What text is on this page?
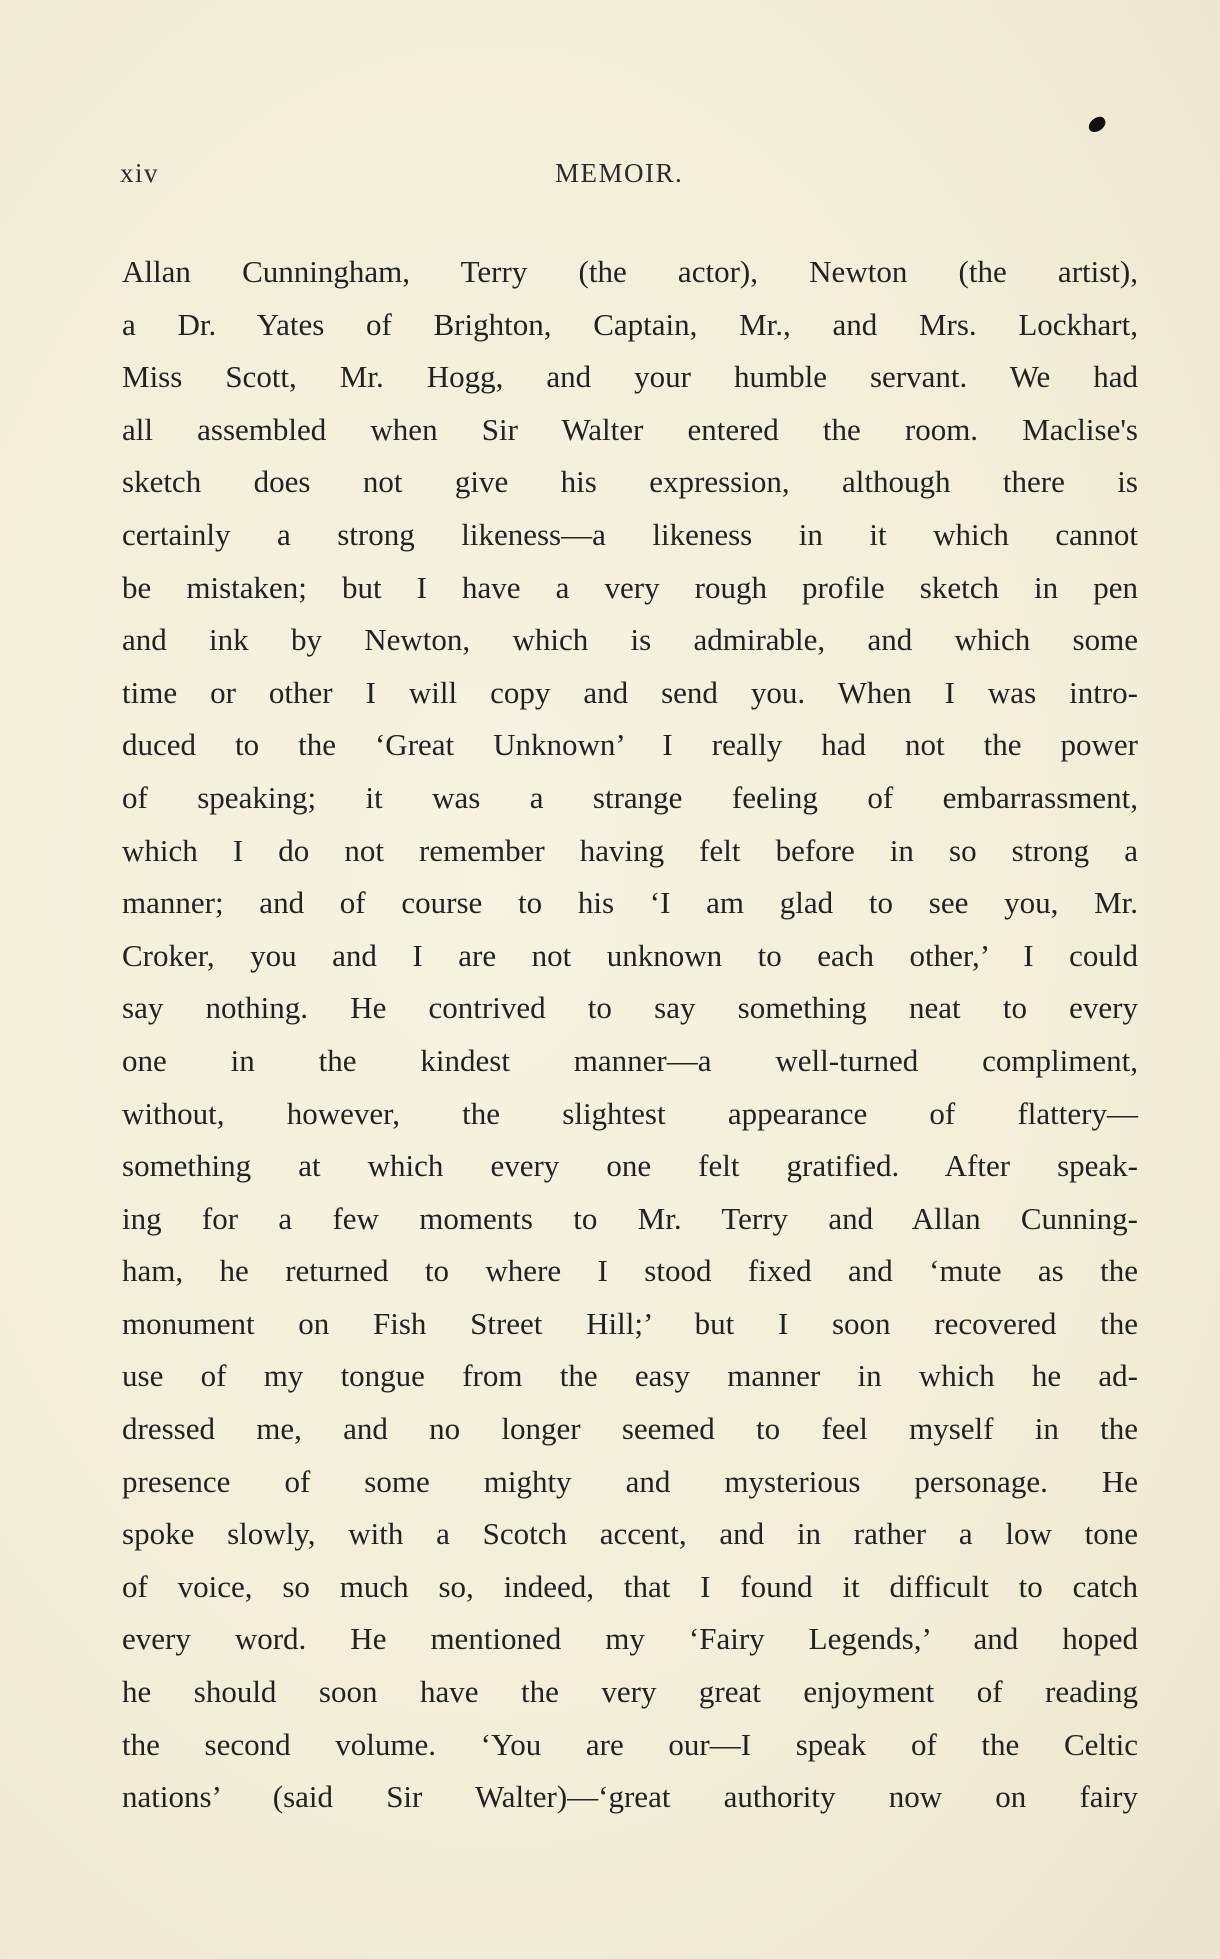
xiv	MEMOIR.
Allan Cunningham, Terry (the actor), Newton (the artist),
a Dr. Yates of Brighton, Captain, Mr., and Mrs. Lockhart,
Miss Scott, Mr. Hogg, and your humble servant. We had
all assembled when Sir Walter entered the room. Maclise's
sketch does not give his expression, although there is
certainly a strong likeness—a likeness in it which cannot
be mistaken; but I have a very rough profile sketch in pen
and ink by Newton, which is admirable, and which some
time or other I will copy and send you. When I was intro-
duced to the ‘Great Unknown’ I really had not the power
of speaking; it was a strange feeling of embarrassment,
which I do not remember having felt before in so strong a
manner; and of course to his ‘I am glad to see you, Mr.
Croker, you and I are not unknown to each other,’ I could
say nothing. He contrived to say something neat to every
one in the kindest manner—a well-turned compliment,
without, however, the slightest appearance of flattery—
something at which every one felt gratified. After speak-
ing for a few moments to Mr. Terry and Allan Cunning-
ham, he returned to where I stood fixed and ‘mute as the
monument on Fish Street Hill;’ but I soon recovered the
use of my tongue from the easy manner in which he ad-
dressed me, and no longer seemed to feel myself in the
presence of some mighty and mysterious personage. He
spoke slowly, with a Scotch accent, and in rather a low tone
of voice, so much so, indeed, that I found it difficult to catch
every word. He mentioned my ‘Fairy Legends,’ and hoped
he should soon have the very great enjoyment of reading
the second volume. ‘You are our—I speak of the Celtic
nations’ (said Sir Walter)—‘great authority now on fairy
